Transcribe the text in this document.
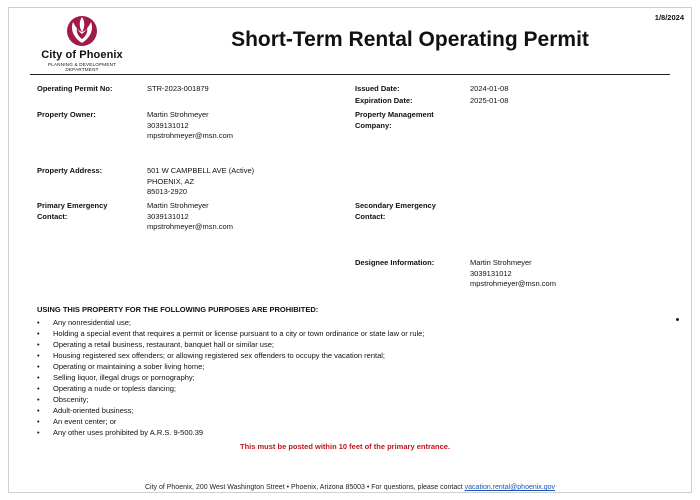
1/8/2024
City of Phoenix
PLANNING & DEVELOPMENT DEPARTMENT
Short-Term Rental Operating Permit
Operating Permit No:	STR-2023-001879	Issued Date:	2024-01-08
Expiration Date:	2025-01-08
Property Owner:	Martin Strohmeyer
3039131012
mpstrohmeyer@msn.com
Property Management
Company:
Property Address:	501 W CAMPBELL AVE (Active)
PHOENIX, AZ
85013-2920
Primary Emergency
Contact:
Martin Strohmeyer
3039131012
mpstrohmeyer@msn.com
Secondary Emergency
Contact:
Designee Information:	Martin Strohmeyer
3039131012
mpstrohmeyer@msn.com
USING THIS PROPERTY FOR THE FOLLOWING PURPOSES ARE PROHIBITED:
• Any nonresidential use;
• Holding a special event that requires a permit or license pursuant to a city or town ordinance or state law or rule;
• Operating a retail business, restaurant, banquet hall or similar use;
• Housing registered sex offenders; or allowing registered sex offenders to occupy the vacation rental;
• Operating or maintaining a sober living home;
• Selling liquor, illegal drugs or pornography;
• Operating a nude or topless dancing;
• Obscenity;
• Adult-oriented business;
• An event center; or
• Any other uses prohibited by A.R.S. 9-500.39
This must be posted within 10 feet of the primary entrance.
City of Phoenix, 200 West Washington Street • Phoenix, Arizona 85003 • For questions, please contact vacation.rental@phoenix.gov
